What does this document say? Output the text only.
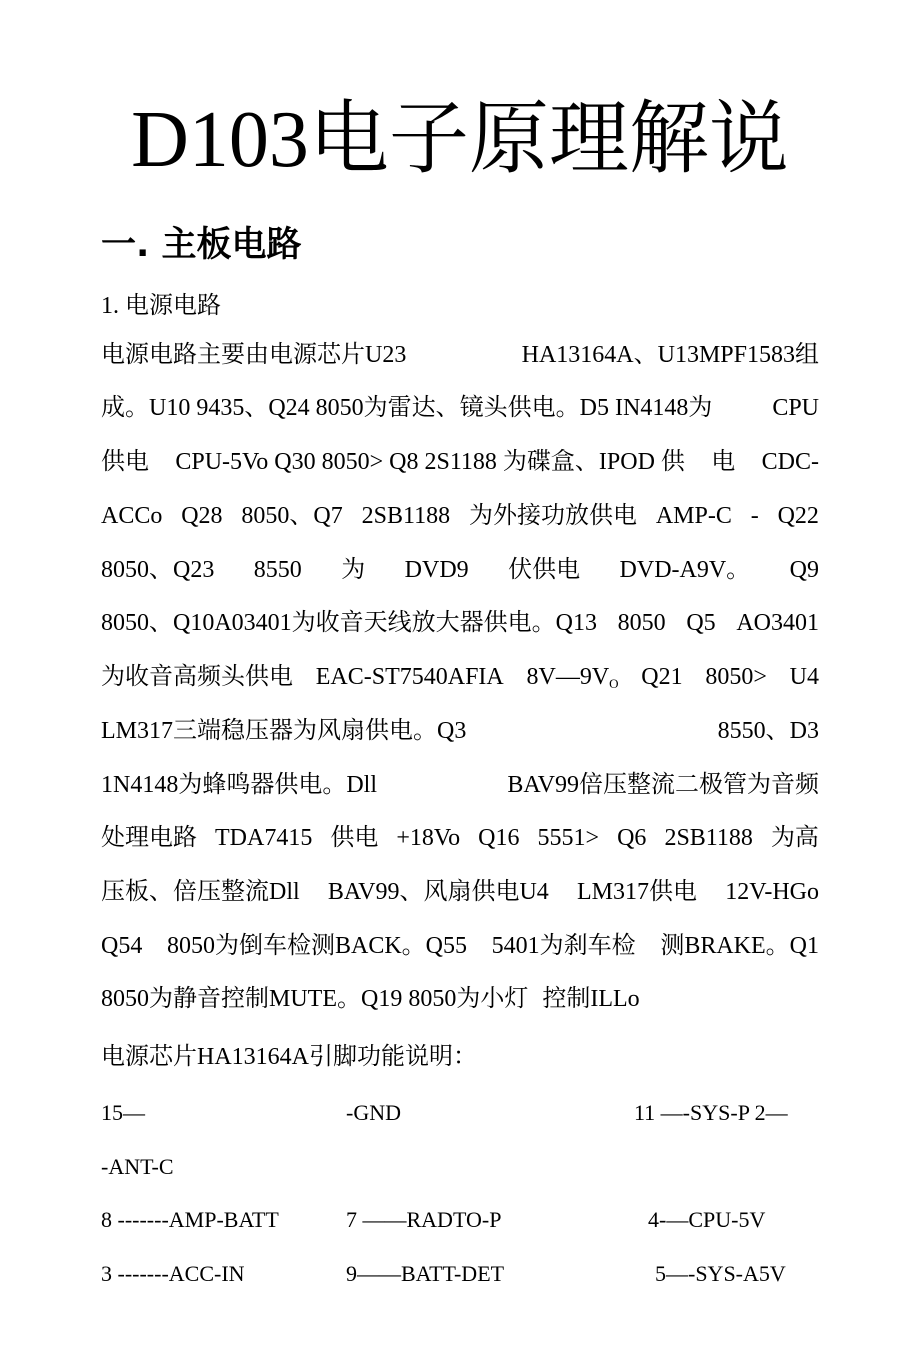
D103电子原理解说
一. 主板电路
1. 电源电路
电源电路主要由电源芯片U23	HA13164A、U13MPF1583组
成。U10 9435、Q24 8050为雷达、镜头供电。D5 IN4148为 CPU
供电 CPU-5Vo Q30 8050> Q8 2S1188 为碟盒、IPOD 供 电 CDC-
ACCo Q28 8050、Q7 2SB1188 为外接功放供电 AMP-C - Q22
8050、Q23 8550 为 DVD9 伏供电 DVD-A9V。 Q9
8050、Q10A03401为收音天线放大器供电。Q13 8050 Q5 AO3401
为收音高频头供电 EAC-ST7540AFIA $8V—9V_O$ Q21 8050> U4
LM317三端稳压器为风扇供电。Q3	8550、D3
1N4148为蜂鸣器供电。Dll	BAV99倍压整流二极管为音频
处理电路 TDA7415 供电 +18Vo Q16 5551> Q6 2SB1188 为高
压板、倍压整流Dll BAV99、风扇供电U4 LM317供电 12V-HGo
Q54 8050为倒车检测BACK。Q55 5401为刹车检 测BRAKE。Q1
8050为静音控制MUTE。Q19 8050为小灯 控制ILLo
电源芯片HA13164A引脚功能说明：
15—	-GND	11 —-SYS-P 2—
-ANT-C
8 -------AMP-BATT	7 ——RADTO-P	4-—CPU-5V
3 -------ACC-IN	9——BATT-DET	5—-SYS-A5V
